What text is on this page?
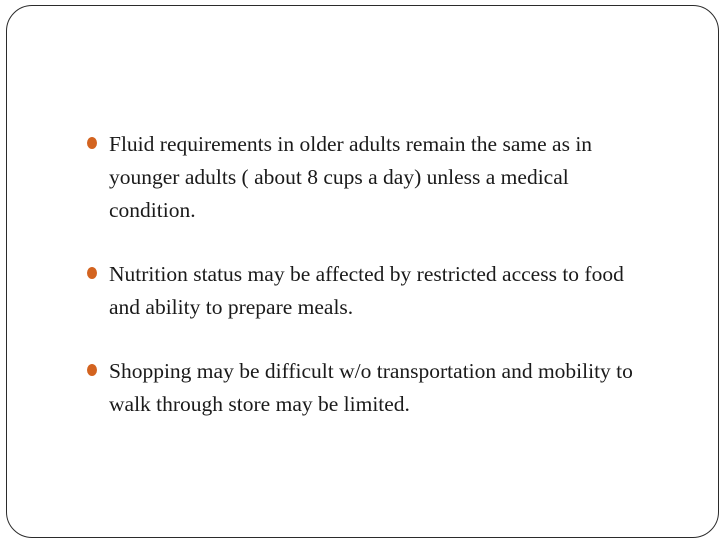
Fluid requirements in older adults remain the same as in
younger adults ( about 8 cups a day) unless a medical
condition.
Nutrition status may be affected by restricted access to food
and ability to prepare meals.
Shopping may be difficult w/o transportation and mobility to
walk through store may be limited.
